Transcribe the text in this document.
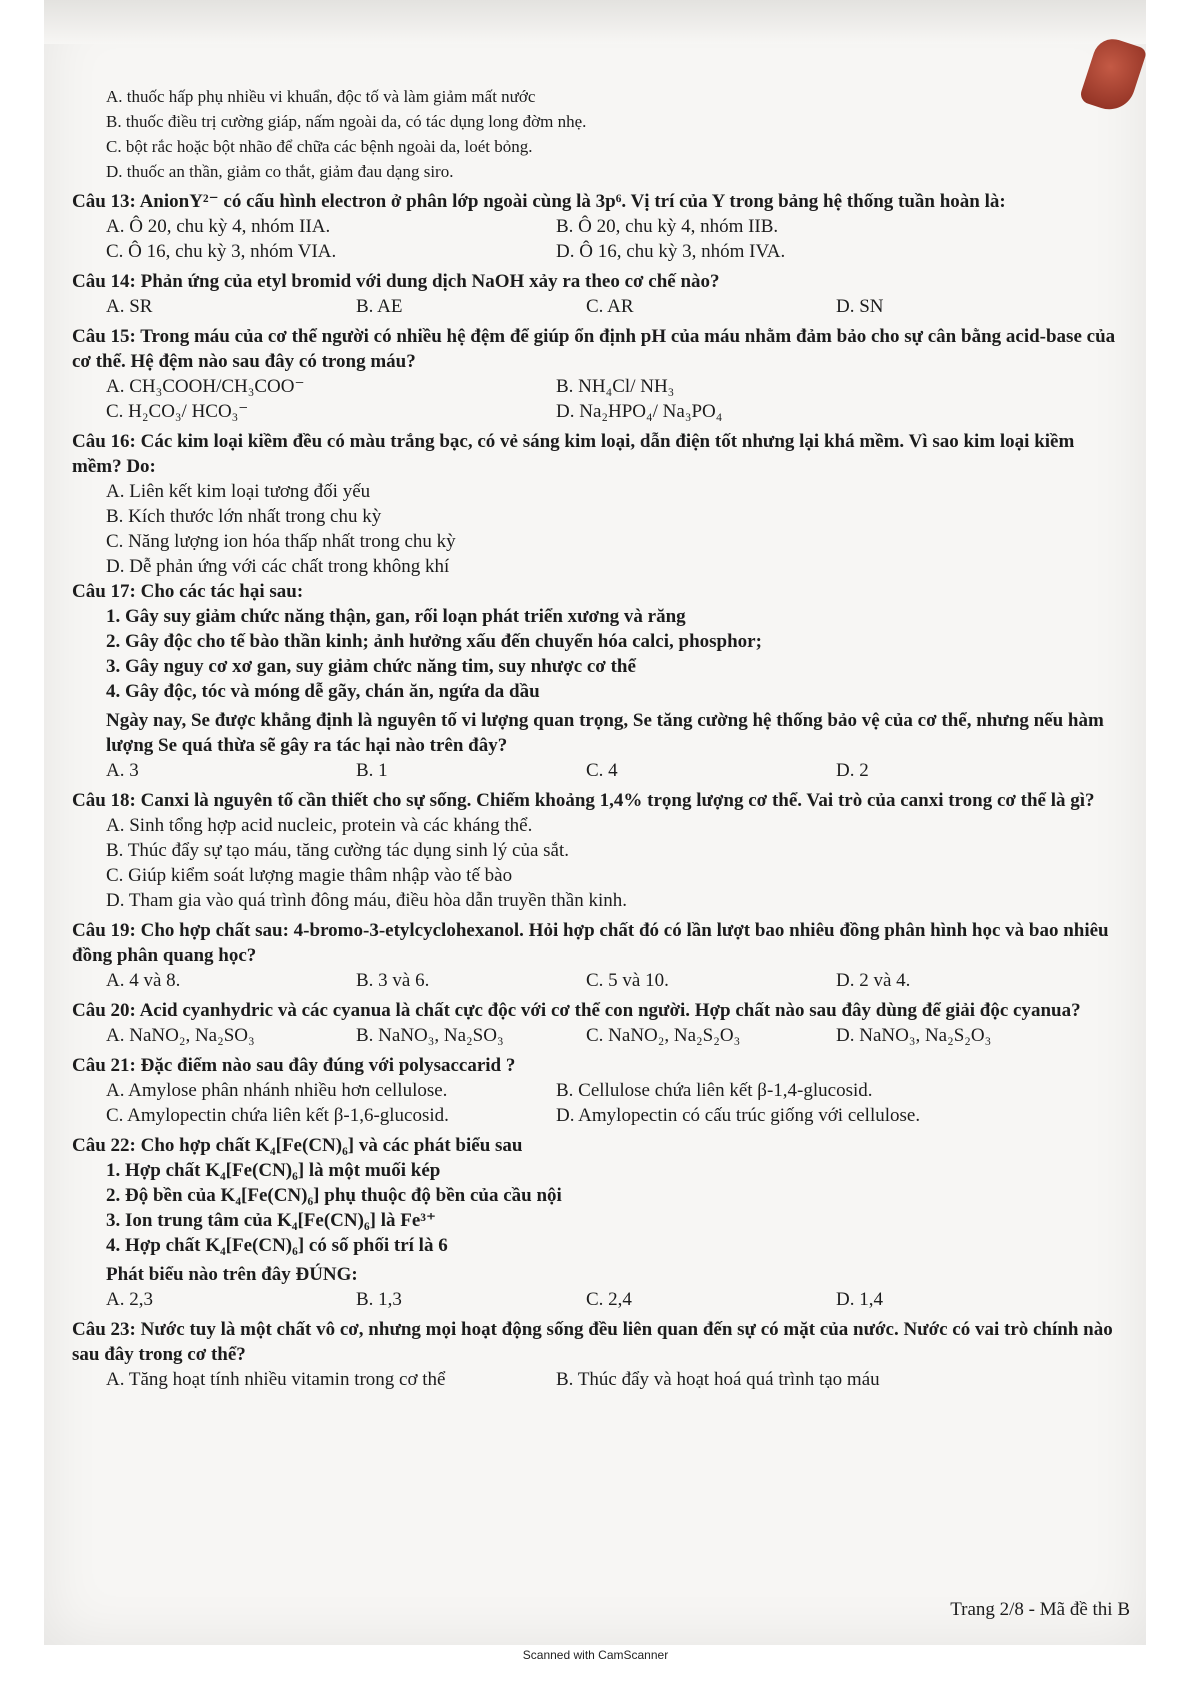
A. thuốc hấp phụ nhiều vi khuẩn, độc tố và làm giảm mất nước

B. thuốc điều trị cường giáp, nấm ngoài da, có tác dụng long đờm nhẹ.

C. bột rắc hoặc bột nhão để chữa các bệnh ngoài da, loét bỏng.

D. thuốc an thần, giảm co thắt, giảm đau dạng siro.

Câu 13: AnionY²⁻ có cấu hình electron ở phân lớp ngoài cùng là 3p⁶. Vị trí của Y trong bảng hệ thống tuần hoàn là:

A. Ô 20, chu kỳ 4, nhóm IIA.	B. Ô 20, chu kỳ 4, nhóm IIB.
C. Ô 16, chu kỳ 3, nhóm VIA.	D. Ô 16, chu kỳ 3, nhóm IVA.

Câu 14: Phản ứng của etyl bromid với dung dịch NaOH xảy ra theo cơ chế nào?

A. SR	B. AE	C. AR	D. SN

Câu 15: Trong máu của cơ thể người có nhiều hệ đệm để giúp ổn định pH của máu nhằm đảm bảo cho sự cân bằng acid-base của cơ thể. Hệ đệm nào sau đây có trong máu?

A. CH₃COOH/CH₃COO⁻	B. NH₄Cl/ NH₃
C. H₂CO₃/ HCO₃⁻	D. Na₂HPO₄/ Na₃PO₄

Câu 16: Các kim loại kiềm đều có màu trắng bạc, có vẻ sáng kim loại, dẫn điện tốt nhưng lại khá mềm. Vì sao kim loại kiềm mềm? Do:

A. Liên kết kim loại tương đối yếu

B. Kích thước lớn nhất trong chu kỳ

C. Năng lượng ion hóa thấp nhất trong chu kỳ

D. Dễ phản ứng với các chất trong không khí

Câu 17: Cho các tác hại sau:

1. Gây suy giảm chức năng thận, gan, rối loạn phát triển xương và răng

2. Gây độc cho tế bào thần kinh; ảnh hưởng xấu đến chuyển hóa calci, phosphor;

3. Gây nguy cơ xơ gan, suy giảm chức năng tim, suy nhược cơ thể

4. Gây độc, tóc và móng dễ gãy, chán ăn, ngứa da dầu

Ngày nay, Se được khẳng định là nguyên tố vi lượng quan trọng, Se tăng cường hệ thống bảo vệ của cơ thể, nhưng nếu hàm lượng Se quá thừa sẽ gây ra tác hại nào trên đây?

A. 3	B. 1	C. 4	D. 2

Câu 18: Canxi là nguyên tố cần thiết cho sự sống. Chiếm khoảng 1,4% trọng lượng cơ thể. Vai trò của canxi trong cơ thể là gì?

A. Sinh tổng hợp acid nucleic, protein và các kháng thể.

B. Thúc đẩy sự tạo máu, tăng cường tác dụng sinh lý của sắt.

C. Giúp kiểm soát lượng magie thâm nhập vào tế bào

D. Tham gia vào quá trình đông máu, điều hòa dẫn truyền thần kinh.

Câu 19: Cho hợp chất sau: 4-bromo-3-etylcyclohexanol. Hỏi hợp chất đó có lần lượt bao nhiêu đồng phân hình học và bao nhiêu đồng phân quang học?

A. 4 và 8.	B. 3 và 6.	C. 5 và 10.	D. 2 và 4.

Câu 20: Acid cyanhydric và các cyanua là chất cực độc với cơ thể con người. Hợp chất nào sau đây dùng để giải độc cyanua?

A. NaNO₂, Na₂SO₃	B. NaNO₃, Na₂SO₃	C. NaNO₂, Na₂S₂O₃	D. NaNO₃, Na₂S₂O₃

Câu 21: Đặc điểm nào sau đây đúng với polysaccarid ?

A. Amylose phân nhánh nhiều hơn cellulose.	B. Cellulose chứa liên kết β-1,4-glucosid.
C. Amylopectin chứa liên kết β-1,6-glucosid.	D. Amylopectin có cấu trúc giống với cellulose.

Câu 22: Cho hợp chất K₄[Fe(CN)₆] và các phát biểu sau

1. Hợp chất K₄[Fe(CN)₆] là một muối kép

2. Độ bền của K₄[Fe(CN)₆] phụ thuộc độ bền của cầu nội

3. Ion trung tâm của K₄[Fe(CN)₆] là Fe³⁺

4. Hợp chất K₄[Fe(CN)₆] có số phối trí là 6

Phát biểu nào trên đây ĐÚNG:

A. 2,3	B. 1,3	C. 2,4	D. 1,4

Câu 23: Nước tuy là một chất vô cơ, nhưng mọi hoạt động sống đều liên quan đến sự có mặt của nước. Nước có vai trò chính nào sau đây trong cơ thể?

A. Tăng hoạt tính nhiều vitamin trong cơ thể	B. Thúc đẩy và hoạt hoá quá trình tạo máu
Trang 2/8 - Mã đề thi B
Scanned with CamScanner
